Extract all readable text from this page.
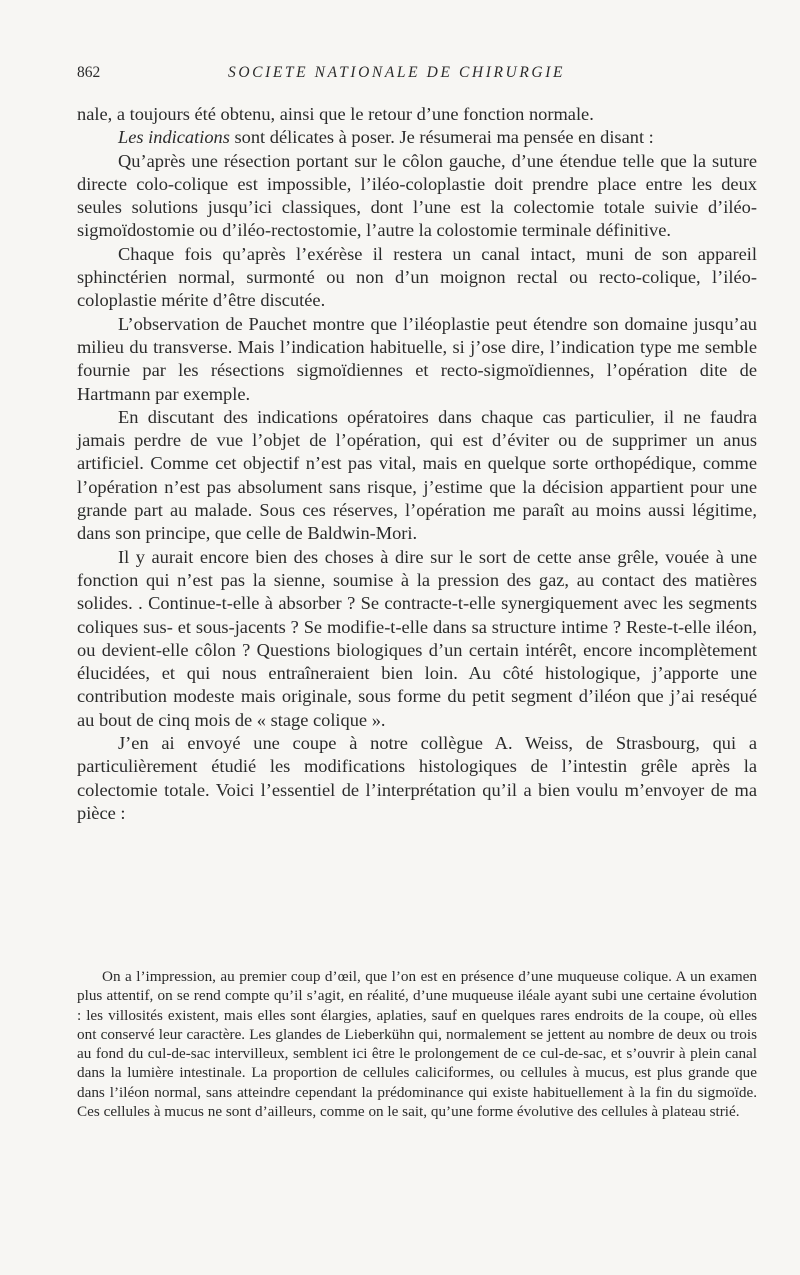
862	SOCIETE NATIONALE DE CHIRURGIE

nale, a toujours été obtenu, ainsi que le retour d’une fonction normale.

Les indications sont délicates à poser. Je résumerai ma pensée en disant :

Qu’après une résection portant sur le côlon gauche, d’une étendue telle que la suture directe colo-colique est impossible, l’iléo-coloplastie doit prendre place entre les deux seules solutions jusqu’ici classiques, dont l’une est la colectomie totale suivie d’iléo-sigmoïdostomie ou d’iléo-rectostomie, l’autre la colostomie terminale définitive.

Chaque fois qu’après l’exérèse il restera un canal intact, muni de son appareil sphinctérien normal, surmonté ou non d’un moignon rectal ou recto-colique, l’iléo-coloplastie mérite d’être discutée.

L’observation de Pauchet montre que l’iléoplastie peut étendre son domaine jusqu’au milieu du transverse. Mais l’indication habituelle, si j’ose dire, l’indication type me semble fournie par les résections sigmoïdiennes et recto-sigmoïdiennes, l’opération dite de Hartmann par exemple.

En discutant des indications opératoires dans chaque cas particulier, il ne faudra jamais perdre de vue l’objet de l’opération, qui est d’éviter ou de supprimer un anus artificiel. Comme cet objectif n’est pas vital, mais en quelque sorte orthopédique, comme l’opération n’est pas absolument sans risque, j’estime que la décision appartient pour une grande part au malade. Sous ces réserves, l’opération me paraît au moins aussi légitime, dans son principe, que celle de Baldwin-Mori.

Il y aurait encore bien des choses à dire sur le sort de cette anse grêle, vouée à une fonction qui n’est pas la sienne, soumise à la pression des gaz, au contact des matières solides. . Continue-t-elle à absorber ? Se contracte-t-elle synergiquement avec les segments coliques sus- et sous-jacents ? Se modifie-t-elle dans sa structure intime ? Reste-t-elle iléon, ou devient-elle côlon ? Questions biologiques d’un certain intérêt, encore incomplètement élucidées, et qui nous entraîneraient bien loin. Au côté histologique, j’apporte une contribution modeste mais originale, sous forme du petit segment d’iléon que j’ai reséqué au bout de cinq mois de « stage colique ».

J’en ai envoyé une coupe à notre collègue A. Weiss, de Strasbourg, qui a particulièrement étudié les modifications histologiques de l’intestin grêle après la colectomie totale. Voici l’essentiel de l’interprétation qu’il a bien voulu m’envoyer de ma pièce :

On a l’impression, au premier coup d’œil, que l’on est en présence d’une muqueuse colique. A un examen plus attentif, on se rend compte qu’il s’agit, en réalité, d’une muqueuse iléale ayant subi une certaine évolution : les villosités existent, mais elles sont élargies, aplaties, sauf en quelques rares endroits de la coupe, où elles ont conservé leur caractère. Les glandes de Lieberkühn qui, normalement se jettent au nombre de deux ou trois au fond du cul-de-sac intervilleux, semblent ici être le prolongement de ce cul-de-sac, et s’ouvrir à plein canal dans la lumière intestinale. La proportion de cellules caliciformes, ou cellules à mucus, est plus grande que dans l’iléon normal, sans atteindre cependant la prédominance qui existe habituellement à la fin du sigmoïde. Ces cellules à mucus ne sont d’ailleurs, comme on le sait, qu’une forme évolutive des cellules à plateau strié.
